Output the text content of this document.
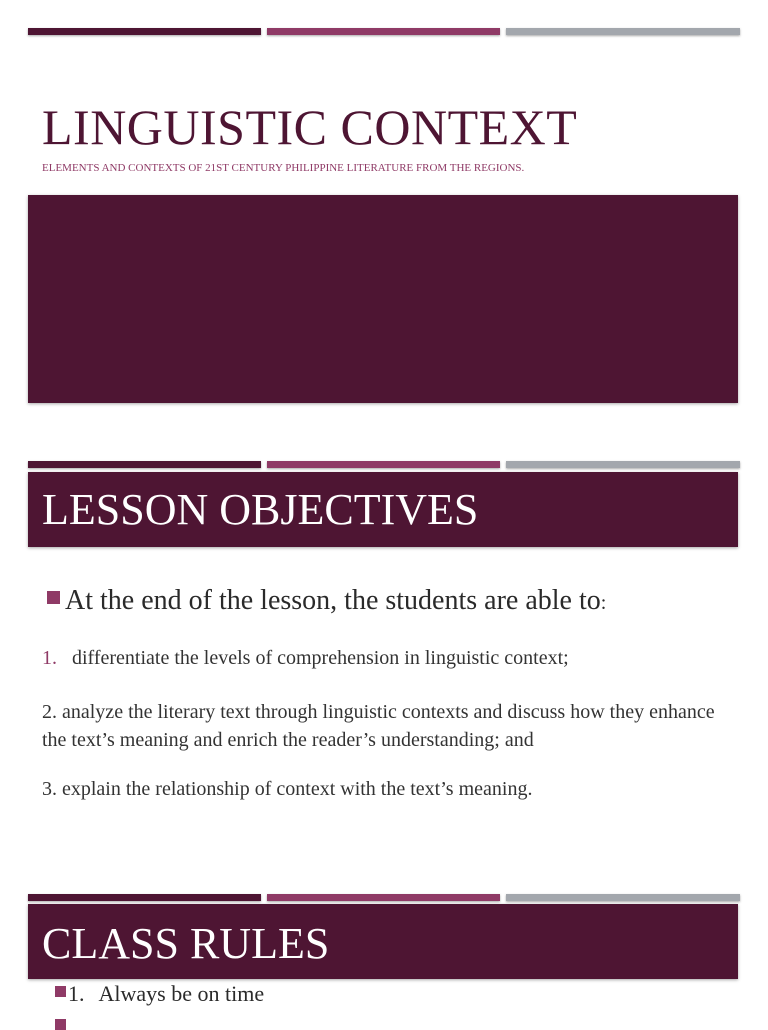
LINGUISTIC CONTEXT

ELEMENTS AND CONTEXTS OF 21ST CENTURY PHILIPPINE LITERATURE FROM THE REGIONS.

LESSON OBJECTIVES
At the end of the lesson, the students are able to:
1. differentiate the levels of comprehension in linguistic context;
2. analyze the literary text through linguistic contexts and discuss how they enhance the text’s meaning and enrich the reader’s understanding; and
3. explain the relationship of context with the text’s meaning.
CLASS RULES
1. Always be on time
